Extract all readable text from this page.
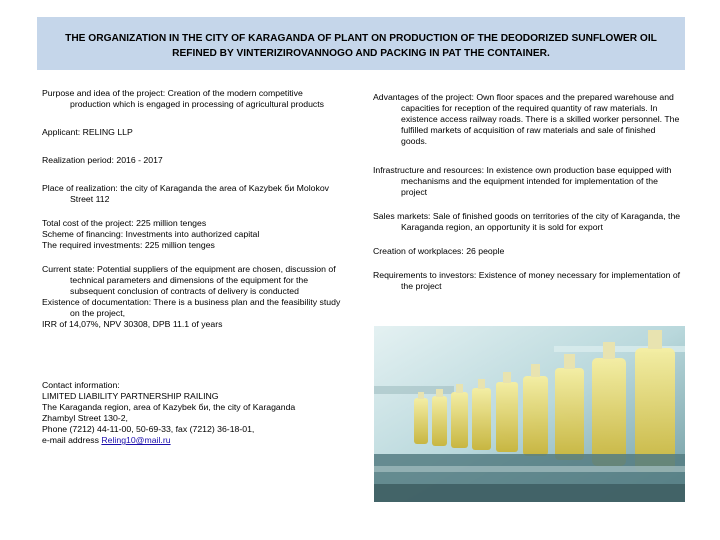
THE ORGANIZATION IN THE CITY OF KARAGANDA OF PLANT ON PRODUCTION OF THE DEODORIZED SUNFLOWER OIL REFINED BY VINTERIZIROVANNOGO AND PACKING IN PAT THE CONTAINER.

Purpose and idea of the project: Creation of the modern competitive production which is engaged in processing of agricultural products

Applicant: RELING LLP

Realization period: 2016 - 2017

Place of realization: the city of Karaganda the area of Kazybek би Molokov Street 112

Total cost of the project: 225 million tenges

Scheme of financing: Investments into authorized capital

The required investments: 225 million tenges

Current state: Potential suppliers of the equipment are chosen, discussion of technical parameters and dimensions of the equipment for the subsequent conclusion of contracts of delivery is conducted

Existence of documentation: There is a business plan and the feasibility study on the project,

IRR of 14,07%, NPV 30308, DPB 11.1 of years

Contact information:

LIMITED LIABILITY PARTNERSHIP RAILING

The Karaganda region, area of Kazybek би, the city of Karaganda

Zhambyl Street 130-2,

Phone (7212) 44-11-00, 50-69-33, fax (7212) 36-18-01,

e-mail address Reling10@mail.ru

Advantages of the project: Own floor spaces and the prepared warehouse and capacities for reception of the required quantity of raw materials. In existence access railway roads. There is a skilled worker personnel. The fulfilled markets of acquisition of raw materials and sale of finished goods.

Infrastructure and resources: In existence own production base equipped with mechanisms and the equipment intended for implementation of the project

Sales markets: Sale of finished goods on territories of the city of Karaganda, the Karaganda region, an opportunity it is sold for export

Creation of workplaces: 26 people

Requirements to investors: Existence of money necessary for implementation of the project
